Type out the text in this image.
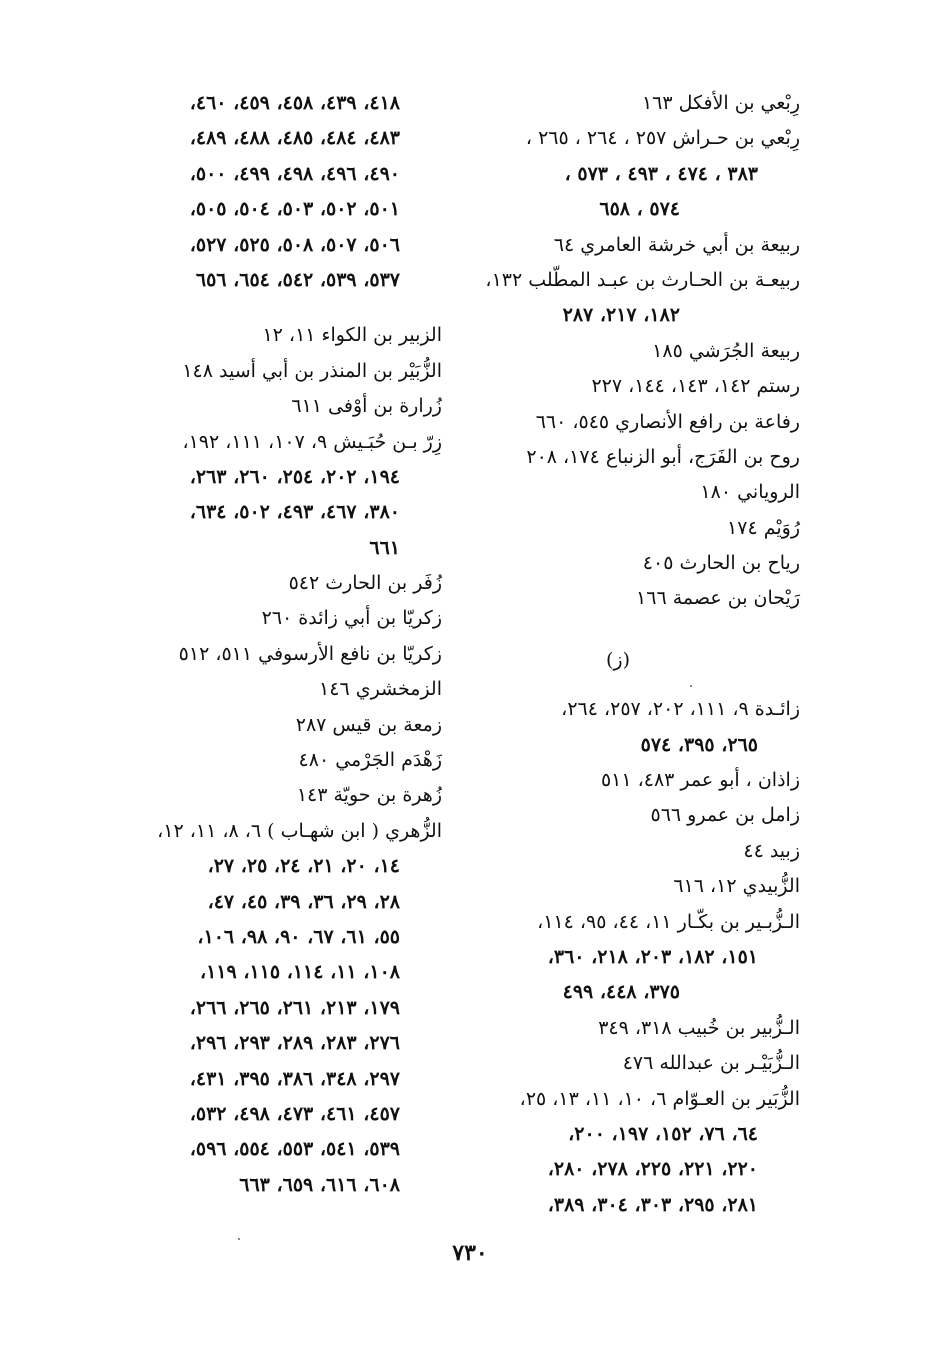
رِبْعي بن الأفكل ١٦٣
رِبْعي بن حـراش ٢٥٧ ، ٢٦٤ ، ٢٦٥ ،
٣٨٣ ، ٤٧٤ ، ٤٩٣ ، ٥٧٣ ،
٥٧٤ ، ٦٥٨
ربيعة بن أبي خرشة العامري ٦٤
ربيعـة بن الحـارث بن عبـد المطّلب ١٣٢،
١٨٢، ٢١٧، ٢٨٧
ربيعة الجُرَشي ١٨٥
رستم ١٤٢، ١٤٣، ١٤٤، ٢٢٧
رفاعة بن رافع الأنصاري ٥٤٥، ٦٦٠
روح بن الفَرَج، أبو الزنباع ١٧٤، ٢٠٨
الروياني ١٨٠
رُوَيْم ١٧٤
رياح بن الحارث ٤٠٥
رَيْحان بن عصمة ١٦٦
(ز)
زائـدة ٩، ١١١، ٢٠٢، ٢٥٧، ٢٦٤،
٢٦٥، ٣٩٥، ٥٧٤
زاذان ، أبو عمر ٤٨٣، ٥١١
زامل بن عمرو ٥٦٦
زبيد ٤٤
الزُّبيدي ١٢، ٦١٦
الـزُّبـير بن بكّـار ١١، ٤٤، ٩٥، ١١٤،
١٥١، ١٨٢، ٢٠٣، ٢١٨، ٣٦٠،
٣٧٥، ٤٤٨، ٤٩٩
الـزُّبير بن خُبيب ٣١٨، ٣٤٩
الـزُّبَيْـر بن عبدالله ٤٧٦
الزُّبَير بن العـوّام ٦، ١٠، ١١، ١٣، ٢٥،
٦٤، ٧٦، ١٥٢، ١٩٧، ٢٠٠،
٢٢٠، ٢٢١، ٢٢٥، ٢٧٨، ٢٨٠،
٢٨١، ٢٩٥، ٣٠٣، ٣٠٤، ٣٨٩،
٤١٨، ٤٣٩، ٤٥٨، ٤٥٩، ٤٦٠،
٤٨٣، ٤٨٤، ٤٨٥، ٤٨٨، ٤٨٩،
٤٩٠، ٤٩٦، ٤٩٨، ٤٩٩، ٥٠٠،
٥٠١، ٥٠٢، ٥٠٣، ٥٠٤، ٥٠٥،
٥٠٦، ٥٠٧، ٥٠٨، ٥٢٥، ٥٢٧،
٥٣٧، ٥٣٩، ٥٤٢، ٦٥٤، ٦٥٦
الزبير بن الكواء ١١، ١٢
الزُّبَيْر بن المنذر بن أبي أسيد ١٤٨
زُرارة بن أوْفى ٦١١
زِرّ بـن حُبَـيش ٩، ١٠٧، ١١١، ١٩٢،
١٩٤، ٢٠٢، ٢٥٤، ٢٦٠، ٢٦٣،
٣٨٠، ٤٦٧، ٤٩٣، ٥٠٢، ٦٣٤،
٦٦١
زُفَر بن الحارث ٥٤٢
زكريّا بن أبي زائدة ٢٦٠
زكريّا بن نافع الأرسوفي ٥١١، ٥١٢
الزمخشري ١٤٦
زمعة بن قيس ٢٨٧
زَهْدَم الجَرْمي ٤٨٠
زُهرة بن حويّة ١٤٣
الزُّهري ( ابن شهـاب ) ٦، ٨، ١١، ١٢،
١٤، ٢٠، ٢١، ٢٤، ٢٥، ٢٧،
٢٨، ٢٩، ٣٦، ٣٩، ٤٥، ٤٧،
٥٥، ٦١، ٦٧، ٩٠، ٩٨، ١٠٦،
١٠٨، ١١، ١١٤، ١١٥، ١١٩،
١٧٩، ٢١٣، ٢٦١، ٢٦٥، ٢٦٦،
٢٧٦، ٢٨٣، ٢٨٩، ٢٩٣، ٢٩٦،
٢٩٧، ٣٤٨، ٣٨٦، ٣٩٥، ٤٣١،
٤٥٧، ٤٦١، ٤٧٣، ٤٩٨، ٥٣٢،
٥٣٩، ٥٤١، ٥٥٣، ٥٥٤، ٥٩٦،
٦٠٨، ٦١٦، ٦٥٩، ٦٦٣
٧٣٠
